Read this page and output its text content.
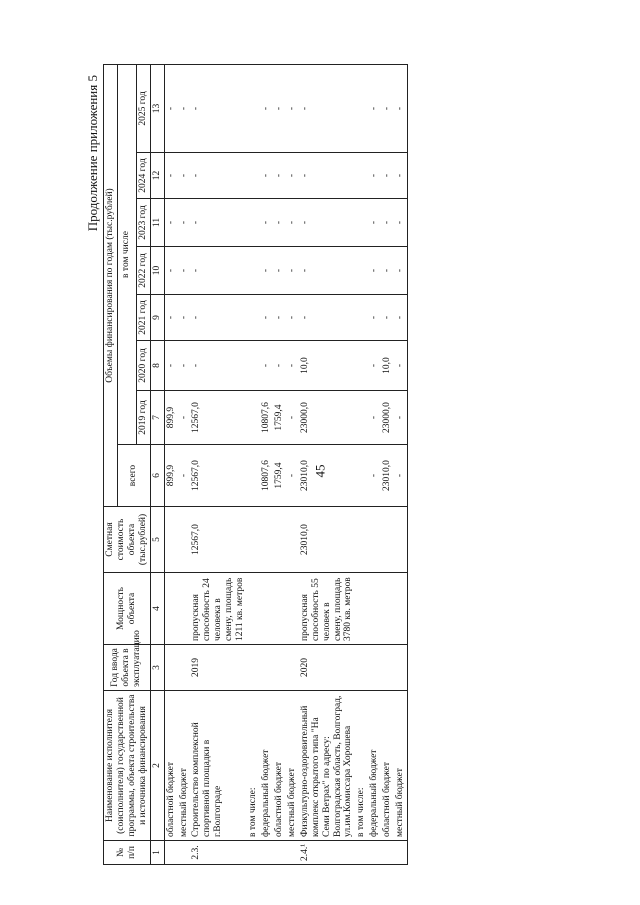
45
Продолжение приложения 5
№ п/п	Наименование исполнителя (соисполнителя) государственной программы, объекта строительства и источника финансирования	Год ввода объекта в эксплуатацию	Мощность объекта	Сметная стоимость объекта (тыс.рублей)	Объемы финансирования по годам (тыс.рублей)							
					всего	в том числе						
						2019 год	2020 год	2021 год	2022 год	2023 год	2024 год	2025 год
1	2	3	4	5	6	7	8	9	10	11	12	13
	областной бюджет				899,9	899,9	-	-	-	-	-	-
	местный бюджет				-	-	-	-	-	-	-	-
2.3.	Строительство комплексной спортивной площадки в г.Волгограде	2019	пропускная способность 24 человека в смену, площадь 1211 кв. метров	12567,0	12567,0	12567,0	-	-	-	-	-	-
	в том числе:											
	федеральный бюджет				10807,6	10807,6	-	-	-	-	-	-
	областной бюджет				1759,4	1759,4	-	-	-	-	-	-
	местный бюджет				-	-	-	-	-	-	-	-
2.4.¹	Физкультурно-оздоровительный комплекс открытого типа "На Семи Ветрах" по адресу: Волгоградская область, Волгоград, ул.им.Комиссара Хорошева	2020	пропускная способность 55 человек в смену, площадь 3780 кв. метров	23010,0	23010,0	23000,0	10,0	-	-	-	-	-
	в том числе:											
	федеральный бюджет				-	-	-	-	-	-	-	-
	областной бюджет				23010,0	23000,0	10,0	-	-	-	-	-
	местный бюджет				-	-	-	-	-	-	-	-
